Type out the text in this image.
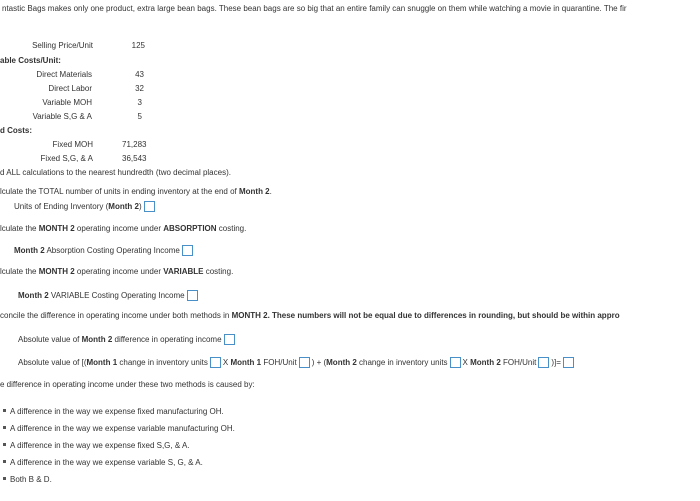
ntastic Bags makes only one product, extra large bean bags. These bean bags are so big that an entire family can snuggle on them while watching a movie in quarantine. The fir
Selling Price/Unit	125
able Costs/Unit:
Direct Materials	43
Direct Labor	32
Variable MOH	3
Variable S,G & A	5
d Costs:
Fixed MOH	71,283
Fixed S,G, & A	36,543
d ALL calculations to the nearest hundredth (two decimal places).
lculate the TOTAL number of units in ending inventory at the end of Month 2.
Units of Ending Inventory (Month 2)
lculate the MONTH 2 operating income under ABSORPTION costing.
Month 2 Absorption Costing Operating Income
lculate the MONTH 2 operating income under VARIABLE costing.
Month 2 VARIABLE Costing Operating Income
concile the difference in operating income under both methods in MONTH 2. These numbers will not be equal due to differences in rounding, but should be within appro
Absolute value of Month 2 difference in operating income
Absolute value of [(Month 1 change in inventory units X Month 1 FOH/Unit ) + (Month 2 change in inventory units X Month 2 FOH/Unit )]=
e difference in operating income under these two methods is caused by:
A difference in the way we expense fixed manufacturing OH.
A difference in the way we expense variable manufacturing OH.
A difference in the way we expense fixed S,G, & A.
A difference in the way we expense variable S, G, & A.
Both B & D.
